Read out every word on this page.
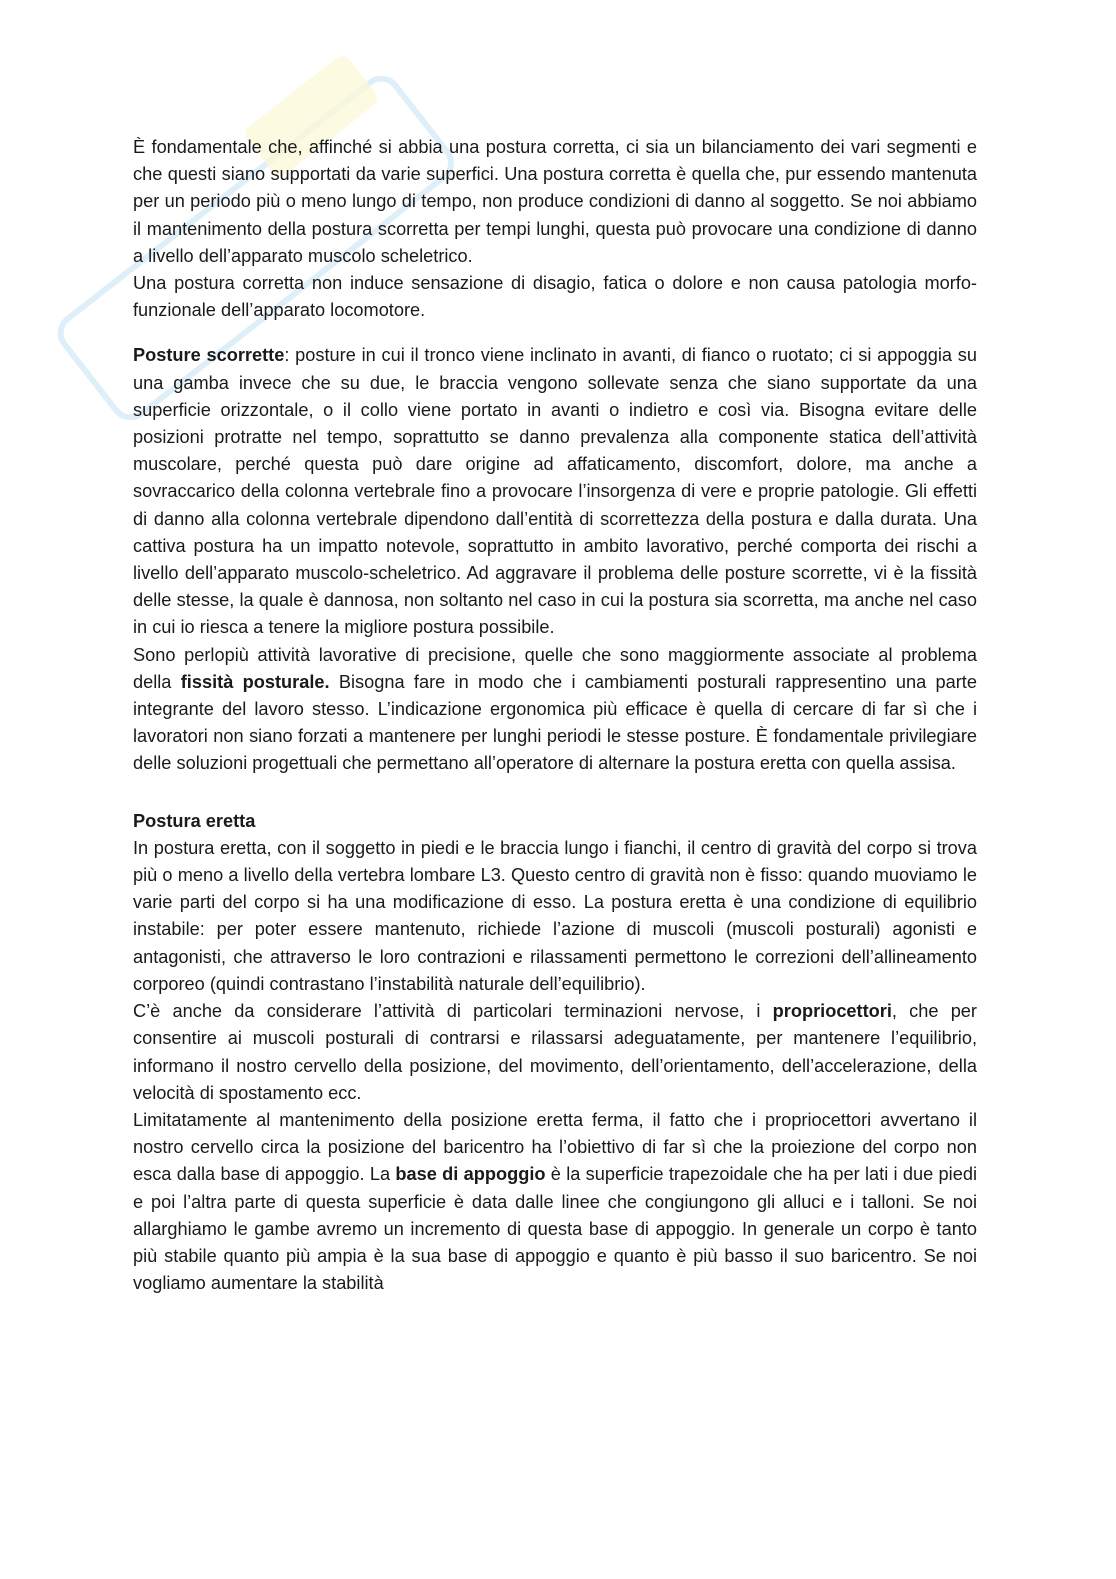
È fondamentale che, affinché si abbia una postura corretta, ci sia un bilanciamento dei vari segmenti e che questi siano supportati da varie superfici. Una postura corretta è quella che, pur essendo mantenuta per un periodo più o meno lungo di tempo, non produce condizioni di danno al soggetto. Se noi abbiamo il mantenimento della postura scorretta per tempi lunghi, questa può provocare una condizione di danno a livello dell’apparato muscolo scheletrico.

Una postura corretta non induce sensazione di disagio, fatica o dolore e non causa patologia morfo-funzionale dell’apparato locomotore.

Posture scorrette: posture in cui il tronco viene inclinato in avanti, di fianco o ruotato; ci si appoggia su una gamba invece che su due, le braccia vengono sollevate senza che siano supportate da una superficie orizzontale, o il collo viene portato in avanti o indietro e così via. Bisogna evitare delle posizioni protratte nel tempo, soprattutto se danno prevalenza alla componente statica dell’attività muscolare, perché questa può dare origine ad affaticamento, discomfort, dolore, ma anche a sovraccarico della colonna vertebrale fino a provocare l’insorgenza di vere e proprie patologie. Gli effetti di danno alla colonna vertebrale dipendono dall’entità di scorrettezza della postura e dalla durata. Una cattiva postura ha un impatto notevole, soprattutto in ambito lavorativo, perché comporta dei rischi a livello dell’apparato muscolo-scheletrico. Ad aggravare il problema delle posture scorrette, vi è la fissità delle stesse, la quale è dannosa, non soltanto nel caso in cui la postura sia scorretta, ma anche nel caso in cui io riesca a tenere la migliore postura possibile.

Sono perlopiù attività lavorative di precisione, quelle che sono maggiormente associate al problema della fissità posturale. Bisogna fare in modo che i cambiamenti posturali rappresentino una parte integrante del lavoro stesso. L’indicazione ergonomica più efficace è quella di cercare di far sì che i lavoratori non siano forzati a mantenere per lunghi periodi le stesse posture. È fondamentale privilegiare delle soluzioni progettuali che permettano all’operatore di alternare la postura eretta con quella assisa.

Postura eretta

In postura eretta, con il soggetto in piedi e le braccia lungo i fianchi, il centro di gravità del corpo si trova più o meno a livello della vertebra lombare L3. Questo centro di gravità non è fisso: quando muoviamo le varie parti del corpo si ha una modificazione di esso. La postura eretta è una condizione di equilibrio instabile: per poter essere mantenuto, richiede l’azione di muscoli (muscoli posturali) agonisti e antagonisti, che attraverso le loro contrazioni e rilassamenti permettono le correzioni dell’allineamento corporeo (quindi contrastano l’instabilità naturale dell’equilibrio).

C’è anche da considerare l’attività di particolari terminazioni nervose, i propriocettori, che per consentire ai muscoli posturali di contrarsi e rilassarsi adeguatamente, per mantenere l’equilibrio, informano il nostro cervello della posizione, del movimento, dell’orientamento, dell’accelerazione, della velocità di spostamento ecc.

Limitatamente al mantenimento della posizione eretta ferma, il fatto che i propriocettori avvertano il nostro cervello circa la posizione del baricentro ha l’obiettivo di far sì che la proiezione del corpo non esca dalla base di appoggio. La base di appoggio è la superficie trapezoidale che ha per lati i due piedi e poi l’altra parte di questa superficie è data dalle linee che congiungono gli alluci e i talloni. Se noi allarghiamo le gambe avremo un incremento di questa base di appoggio. In generale un corpo è tanto più stabile quanto più ampia è la sua base di appoggio e quanto è più basso il suo baricentro. Se noi vogliamo aumentare la stabilità
